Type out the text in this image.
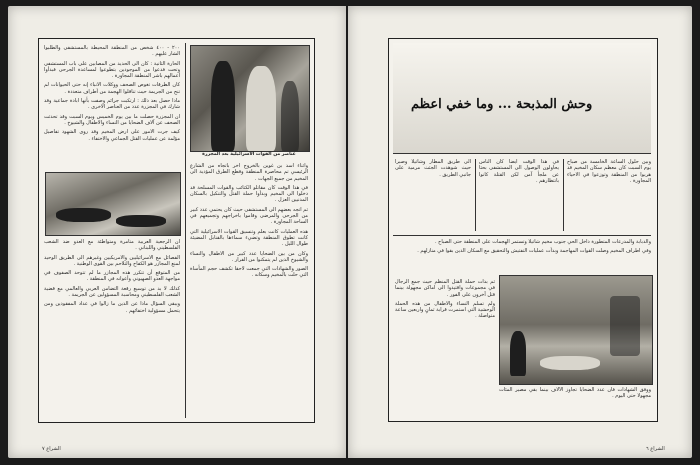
عناصر من القوات الاسرائيلية بعد المجزرة

واثناء اسد بن غوين بالخروج آخر باتجاه من الشارع الرئيسي تم محاصرة المنطقة وقطع الطرق المؤدية الى المخيم من جميع الجهات .

في هذا الوقت كان مقاتلو الكتائب والقوات المسلحة قد دخلوا الى المخيم وبدأوا حملة القتل والتنكيل بالسكان المدنيين العزل .

ثم اتجه بعضهم الى المستشفى حيث كان يحتمي عدد كبير من الجرحى والمرضى وقاموا باخراجهم وتجميعهم في الساحة المجاورة .

هذه العمليات كانت بعلم وتنسيق القوات الاسرائيلية التي كانت تطوق المنطقة وتضيء سماءها بالقنابل المضيئة طوال الليل .

وكان من بين الضحايا عدد كبير من الاطفال والنساء والشيوخ الذين لم يتمكنوا من الفرار .

الصور والشهادات التي جمعت لاحقا تكشف حجم المأساة التي حلت بالمخيم وسكانه .

٢٠٠ - ٤٠٠ شخص من المنطقة المحيطة بالمستشفى والطلبوا الشار عليهم .

الحارة الثانية : كان الى الحديد من المصابين على باب المستشفى وتحت فدعوا من الموجودين بتطوعوا لمساعدة الجرحى فبدأوا أعمالهم باشر المنطقة المجاورة .

كان الطرقات تغوص الصحف ووكلات الانباء إنه حتى الحيوانات لم تنج من الجريمة حيث تناقلوا الهجمة من أطراف متعددة .

ماذا حصل بعد ذلك : ارتكبت جرائم وصفت بأنها ابادة جماعية وقد شارك في المجزرة عدد من العناصر الاخرى .

ان المجزرة حصلت ما بين يوم الخميس ويوم السبت وقد تحدثت الصحف عن آلاف الضحايا من النساء والاطفال والشيوخ .

كيف جرت الامور على ارض المخيم وقد روى الشهود تفاصيل مؤلمة عن عمليات القتل الجماعي والاختفاء .

ان الرجعية العربية متآمرة ومتواطئة مع العدو ضد الشعب الفلسطيني واللبناني .

الفصائل مع الاسرائيليين والامريكيين وغيرهم الى الطريق الوحيد لمنع المجازر هو الكفاح والتلاحم بين القوى الوطنية .

من المتوقع أن تتكرر هذه المجازر ما لم تتوحد الصفوف في مواجهة العدو الصهيوني وأعوانه في المنطقة .

كذلك لا بد من توسيع رقعة التضامن العربي والعالمي مع قضية الشعب الفلسطيني ومحاسبة المسؤولين عن الجريمة .

ويبقى السؤال ماذا عن الذين ما زالوا في عداد المفقودين ومن يتحمل مسؤولية اختفائهم .

الشراع ٧
وحش المذبحة ... وما خفي اعظم

وبين حلول الساعة الخامسة من صباح يوم السبت كان معظم سكان المخيم قد هربوا من المنطقة وتوزعوا في الاحياء المجاورة .

في هذا الوقت ايضا كان الناس يحاولون الوصول الى المستشفى بحثا عن ملجأ آمن لكن القتلة كانوا بانتظارهم .

الى طريق المطار وشاتيلا وصبرا حيث شوهدت الجثث مرمية على جانبي الطريق .

والدبابة والمدرعات المتطورة داخل الحي جنوب مخيم شاتيلا وتستمر الهجمات على المنطقة حتى الصباح .

وفي اطراف المخيم وصلت القوات المهاجمة وبدأت عمليات التفتيش والتحقيق مع السكان الذين بقوا في منازلهم .

ثم بدأت حملة القتل المنظم حيث جمع الرجال في مجموعات واقتيدوا الى اماكن مجهولة بينما قتل آخرون على الفور .

ولم تسلم النساء والاطفال من هذه الحملة الوحشية التي استمرت قرابة ثمانٍ واربعين ساعة متواصلة .

ووفق الشهادات فان عدد الضحايا تجاوز الآلاف بينما بقي مصير المئات مجهولا حتى اليوم .

الشراع ٦
